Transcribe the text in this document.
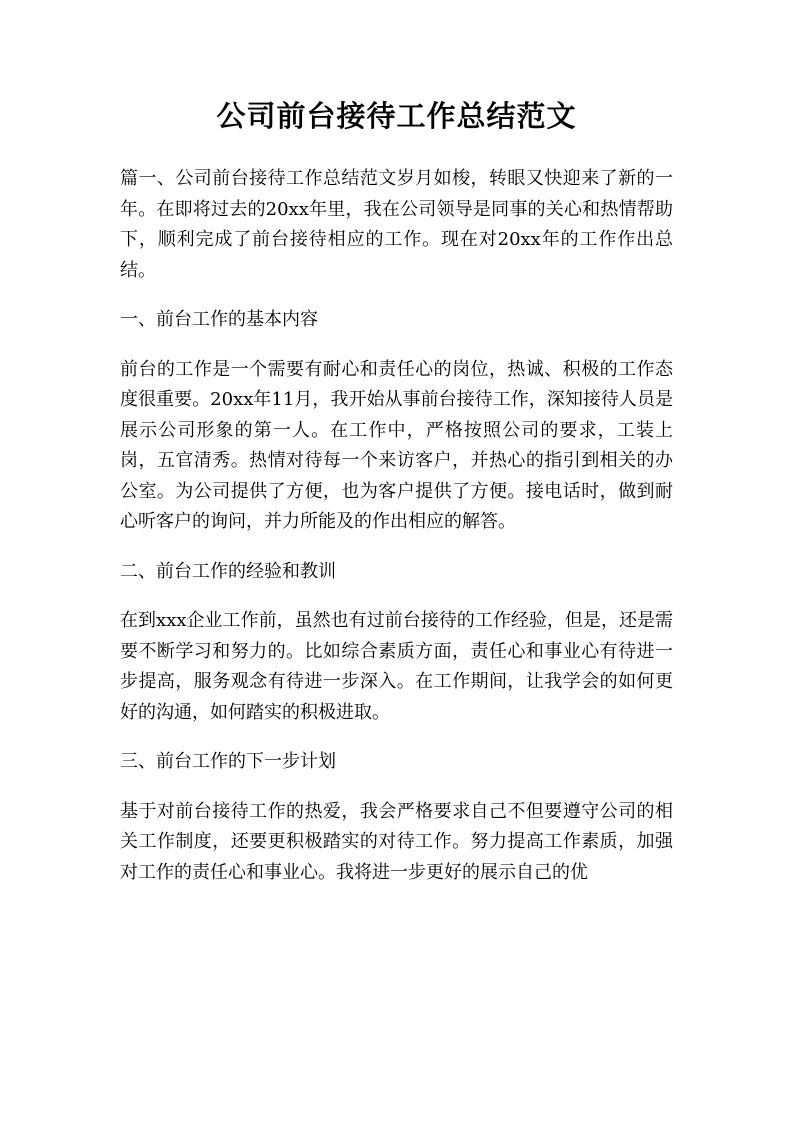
公司前台接待工作总结范文

篇一、公司前台接待工作总结范文岁月如梭，转眼又快迎来了新的一年。在即将过去的20xx年里，我在公司领导是同事的关心和热情帮助下，顺利完成了前台接待相应的工作。现在对20xx年的工作作出总结。

一、前台工作的基本内容

前台的工作是一个需要有耐心和责任心的岗位，热诚、积极的工作态度很重要。20xx年11月，我开始从事前台接待工作，深知接待人员是展示公司形象的第一人。在工作中，严格按照公司的要求，工装上岗，五官清秀。热情对待每一个来访客户，并热心的指引到相关的办公室。为公司提供了方便，也为客户提供了方便。接电话时，做到耐心听客户的询问，并力所能及的作出相应的解答。

二、前台工作的经验和教训

在到xxx企业工作前，虽然也有过前台接待的工作经验，但是，还是需要不断学习和努力的。比如综合素质方面，责任心和事业心有待进一步提高，服务观念有待进一步深入。在工作期间，让我学会的如何更好的沟通，如何踏实的积极进取。

三、前台工作的下一步计划

基于对前台接待工作的热爱，我会严格要求自己不但要遵守公司的相关工作制度，还要更积极踏实的对待工作。努力提高工作素质，加强对工作的责任心和事业心。我将进一步更好的展示自己的优
